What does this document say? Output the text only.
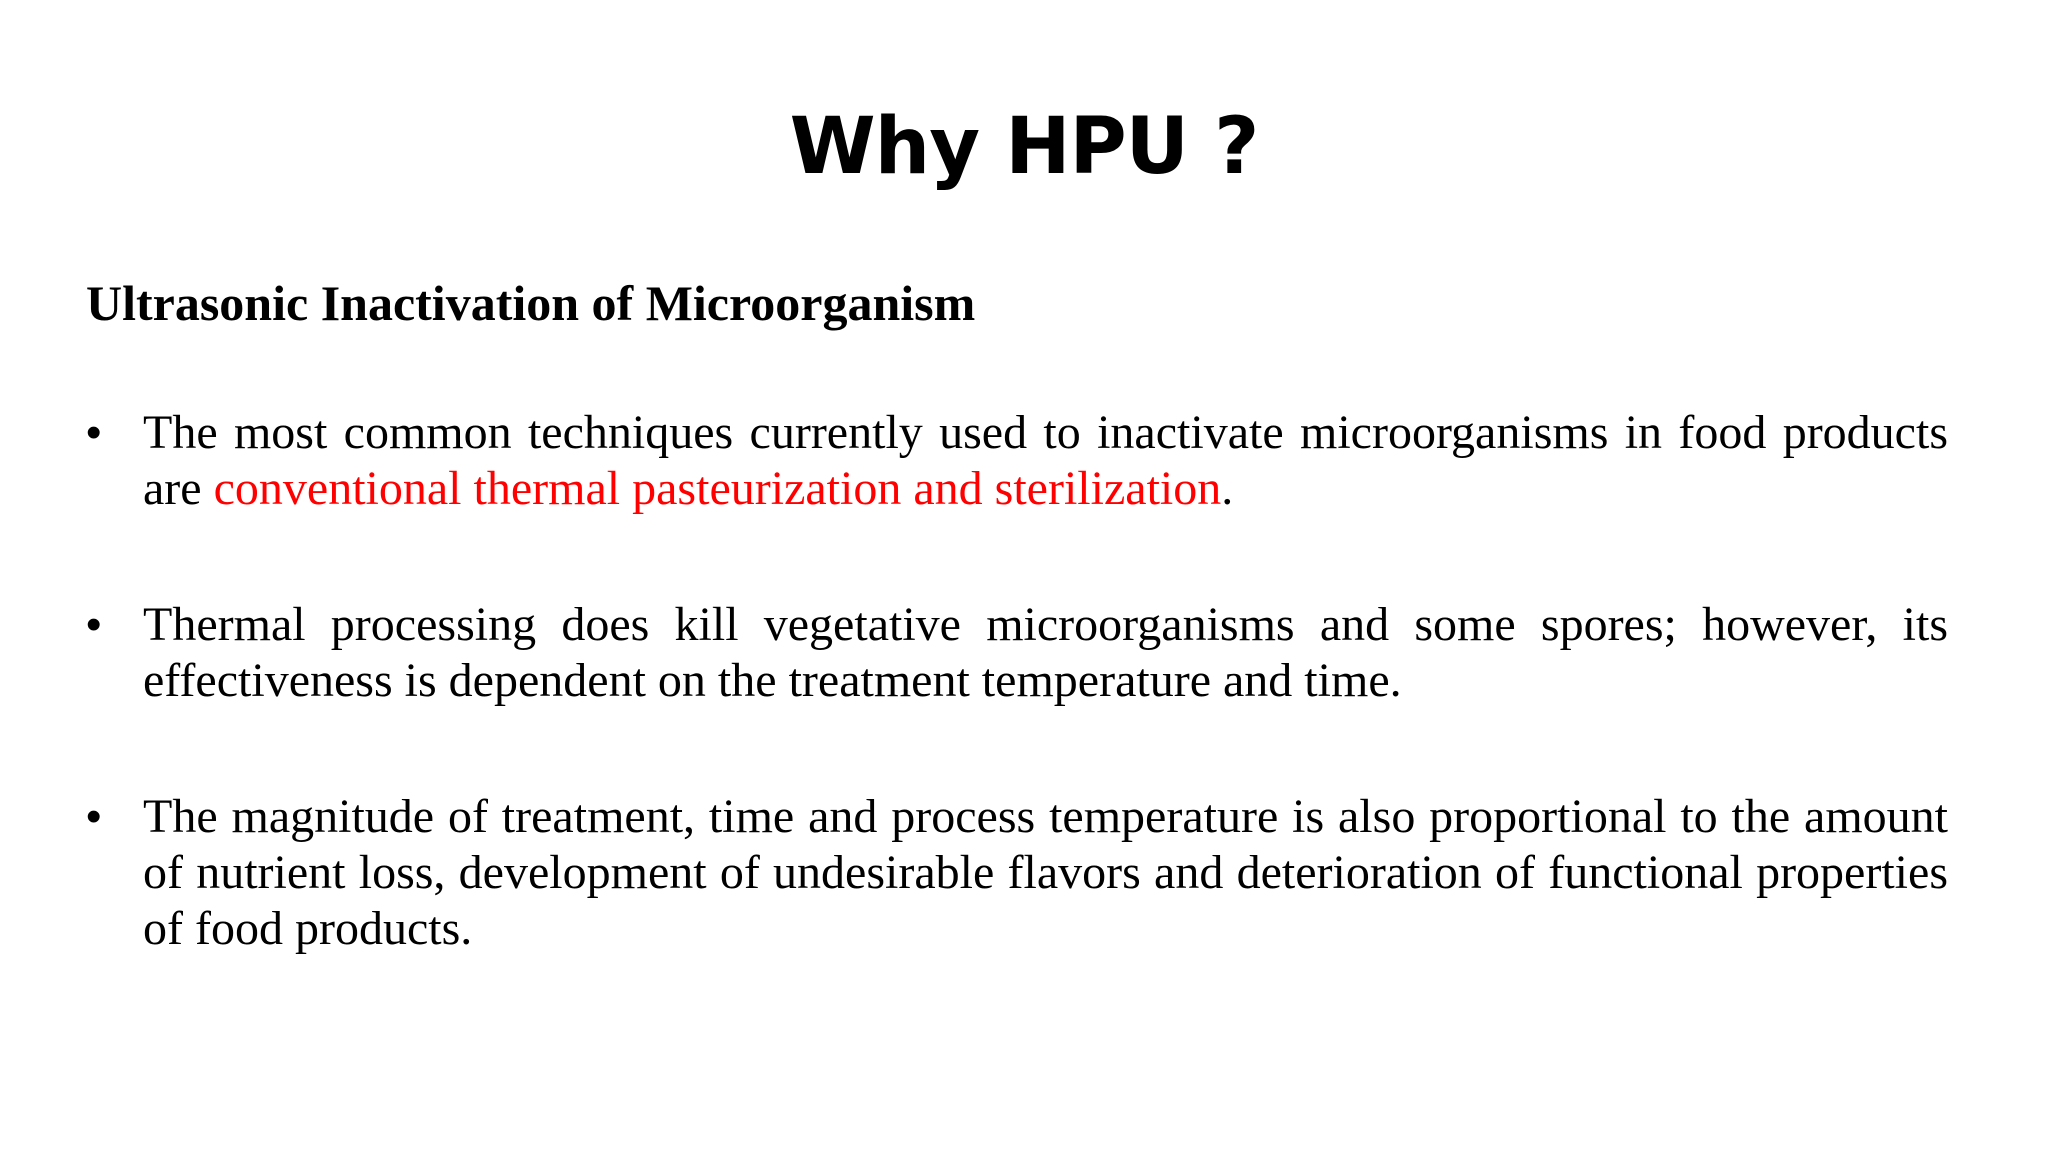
Why HPU ?
Ultrasonic Inactivation of Microorganism
• The most common techniques currently used to inactivate microorganisms in food products are conventional thermal pasteurization and sterilization.
• Thermal processing does kill vegetative microorganisms and some spores; however, its effectiveness is dependent on the treatment temperature and time.
• The magnitude of treatment, time and process temperature is also proportional to the amount of nutrient loss, development of undesirable flavors and deterioration of functional properties of food products.
